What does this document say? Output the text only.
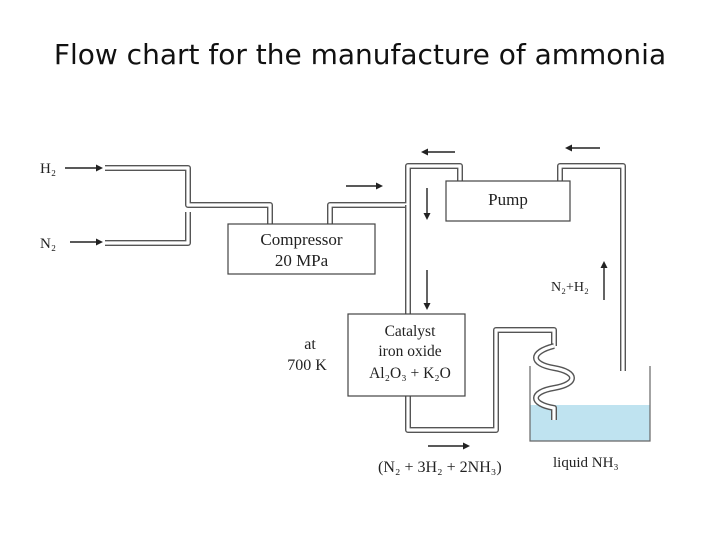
Flow chart for the manufacture of ammonia
H₂
N₂	Compressor
20 MPa
Pump
at
700 K
Catalyst
iron oxide
Al₂O₃ + K₂O
N₂+H₂
(N₂ + 3H₂ + 2NH₃)	liquid NH₃
